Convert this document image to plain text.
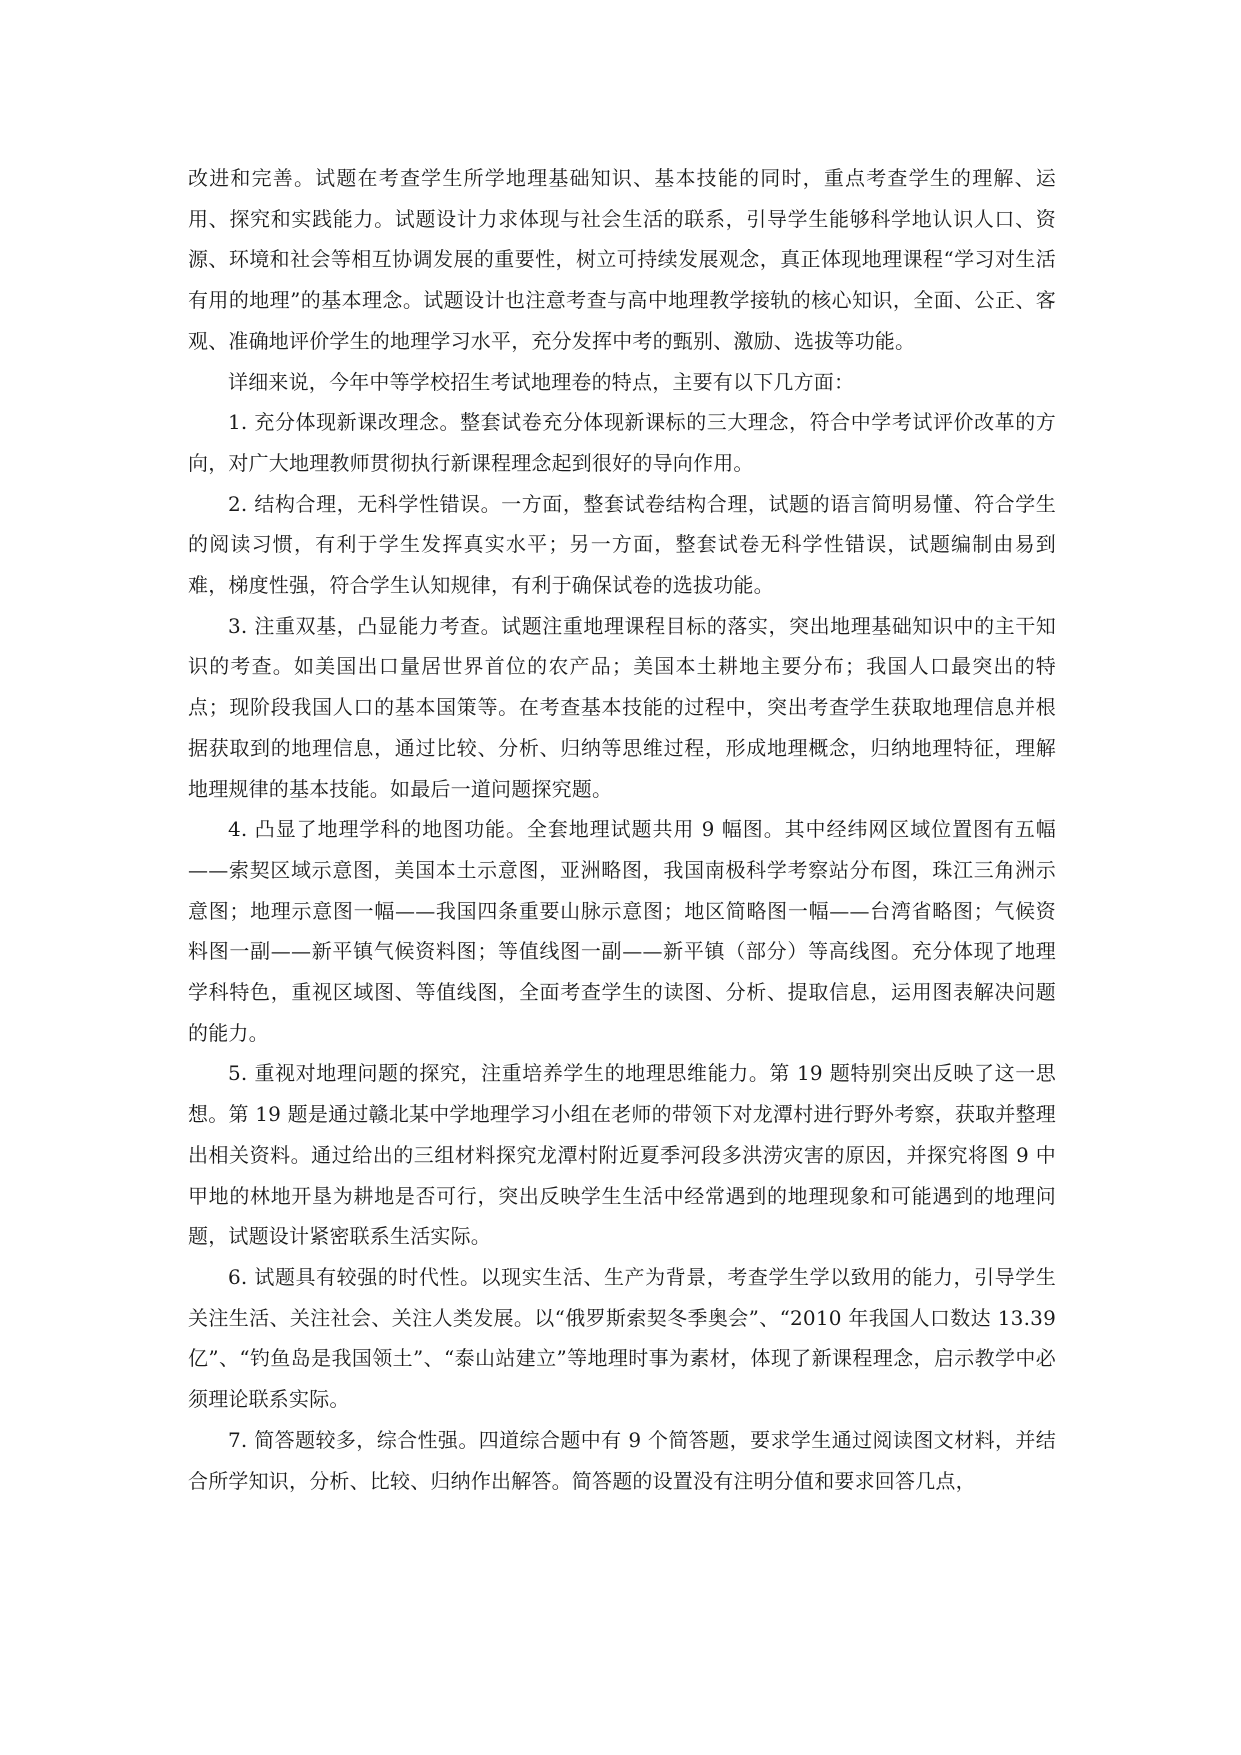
改进和完善。试题在考查学生所学地理基础知识、基本技能的同时，重点考查学生的理解、运用、探究和实践能力。试题设计力求体现与社会生活的联系，引导学生能够科学地认识人口、资源、环境和社会等相互协调发展的重要性，树立可持续发展观念，真正体现地理课程“学习对生活有用的地理”的基本理念。试题设计也注意考查与高中地理教学接轨的核心知识，全面、公正、客观、准确地评价学生的地理学习水平，充分发挥中考的甄别、激励、选拔等功能。

详细来说，今年中等学校招生考试地理卷的特点，主要有以下几方面：

1. 充分体现新课改理念。整套试卷充分体现新课标的三大理念，符合中学考试评价改革的方向，对广大地理教师贯彻执行新课程理念起到很好的导向作用。

2. 结构合理，无科学性错误。一方面，整套试卷结构合理，试题的语言简明易懂、符合学生的阅读习惯，有利于学生发挥真实水平；另一方面，整套试卷无科学性错误，试题编制由易到难，梯度性强，符合学生认知规律，有利于确保试卷的选拔功能。

3. 注重双基，凸显能力考查。试题注重地理课程目标的落实，突出地理基础知识中的主干知识的考查。如美国出口量居世界首位的农产品；美国本土耕地主要分布；我国人口最突出的特点；现阶段我国人口的基本国策等。在考查基本技能的过程中，突出考查学生获取地理信息并根据获取到的地理信息，通过比较、分析、归纳等思维过程，形成地理概念，归纳地理特征，理解地理规律的基本技能。如最后一道问题探究题。

4. 凸显了地理学科的地图功能。全套地理试题共用 9 幅图。其中经纬网区域位置图有五幅——索契区域示意图，美国本土示意图，亚洲略图，我国南极科学考察站分布图，珠江三角洲示意图；地理示意图一幅——我国四条重要山脉示意图；地区简略图一幅——台湾省略图；气候资料图一副——新平镇气候资料图；等值线图一副——新平镇（部分）等高线图。充分体现了地理学科特色，重视区域图、等值线图，全面考查学生的读图、分析、提取信息，运用图表解决问题的能力。

5. 重视对地理问题的探究，注重培养学生的地理思维能力。第 19 题特别突出反映了这一思想。第 19 题是通过赣北某中学地理学习小组在老师的带领下对龙潭村进行野外考察，获取并整理出相关资料。通过给出的三组材料探究龙潭村附近夏季河段多洪涝灾害的原因，并探究将图 9 中甲地的林地开垦为耕地是否可行，突出反映学生生活中经常遇到的地理现象和可能遇到的地理问题，试题设计紧密联系生活实际。

6. 试题具有较强的时代性。以现实生活、生产为背景，考查学生学以致用的能力，引导学生关注生活、关注社会、关注人类发展。以“俄罗斯索契冬季奥会”、“2010 年我国人口数达 13.39 亿”、“钓鱼岛是我国领土”、“泰山站建立”等地理时事为素材，体现了新课程理念，启示教学中必须理论联系实际。

7. 简答题较多，综合性强。四道综合题中有 9 个简答题，要求学生通过阅读图文材料，并结合所学知识，分析、比较、归纳作出解答。简答题的设置没有注明分值和要求回答几点，
